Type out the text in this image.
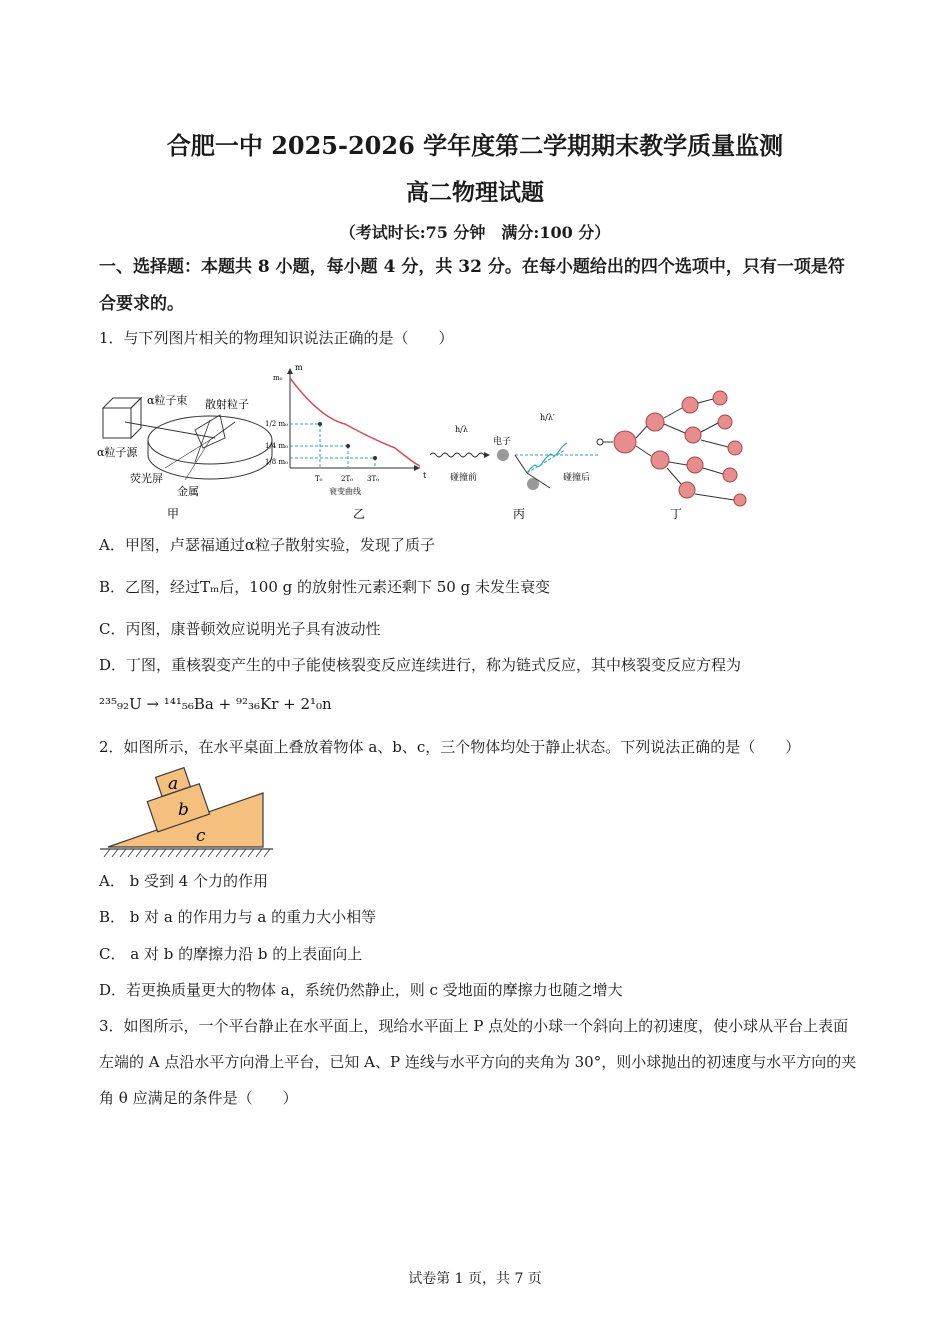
合肥一中 2025-2026 学年度第二学期期末教学质量监测
高二物理试题
（考试时长:75 分钟　满分:100 分）
一、选择题：本题共 8 小题，每小题 4 分，共 32 分。在每小题给出的四个选项中，只有一项是符合要求的。
1．与下列图片相关的物理知识说法正确的是（　　）
α粒子束 散射粒子
α粒子源
荧光屏
金属
甲
m
m₀
1/2 m₀
1/4 m₀
1/8 m₀
T₀	2T₀ 3T₀	t
衰变曲线
乙
h/λ
h/λ′
电子
碰撞前	碰撞后
丙	丁
A．甲图，卢瑟福通过α粒子散射实验，发现了质子
B．乙图，经过Tₘ后，100 g 的放射性元素还剩下 50 g 未发生衰变
C．丙图，康普顿效应说明光子具有波动性
D．丁图，重核裂变产生的中子能使核裂变反应连续进行，称为链式反应，其中核裂变反应方程为
²³⁵₉₂U → ¹⁴¹₅₆Ba + ⁹²₃₆Kr + 2¹₀n
2．如图所示，在水平桌面上叠放着物体 a、b、c，三个物体均处于静止状态。下列说法正确的是（　　）
a
b
c
A． b 受到 4 个力的作用
B． b 对 a 的作用力与 a 的重力大小相等
C． a 对 b 的摩擦力沿 b 的上表面向上
D．若更换质量更大的物体 a，系统仍然静止，则 c 受地面的摩擦力也随之增大
3．如图所示，一个平台静止在水平面上，现给水平面上 P 点处的小球一个斜向上的初速度，使小球从平台上表面左端的 A 点沿水平方向滑上平台，已知 A、P 连线与水平方向的夹角为 30°，则小球抛出的初速度与水平方向的夹角 θ 应满足的条件是（　　）
试卷第 1 页，共 7 页
